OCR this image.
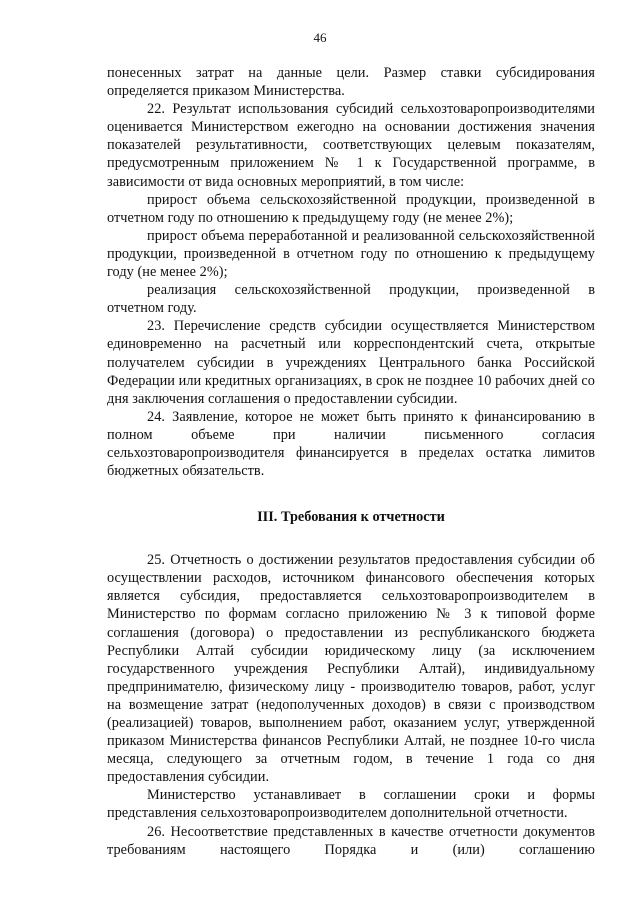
46

понесенных затрат на данные цели. Размер ставки субсидирования определяется приказом Министерства.

22. Результат использования субсидий сельхозтоваропроизводителями оценивается Министерством ежегодно на основании достижения значения показателей результативности, соответствующих целевым показателям, предусмотренным приложением № 1 к Государственной программе, в зависимости от вида основных мероприятий, в том числе:

прирост объема сельскохозяйственной продукции, произведенной в отчетном году по отношению к предыдущему году (не менее 2%);

прирост объема переработанной и реализованной сельскохозяйственной продукции, произведенной в отчетном году по отношению к предыдущему году (не менее 2%);

реализация сельскохозяйственной продукции, произведенной в отчетном году.

23. Перечисление средств субсидии осуществляется Министерством единовременно на расчетный или корреспондентский счета, открытые получателем субсидии в учреждениях Центрального банка Российской Федерации или кредитных организациях, в срок не позднее 10 рабочих дней со дня заключения соглашения о предоставлении субсидии.

24. Заявление, которое не может быть принято к финансированию в полном объеме при наличии письменного согласия сельхозтоваропроизводителя финансируется в пределах остатка лимитов бюджетных обязательств.

III. Требования к отчетности

25. Отчетность о достижении результатов предоставления субсидии об осуществлении расходов, источником финансового обеспечения которых является субсидия, предоставляется сельхозтоваропроизводителем в Министерство по формам согласно приложению № 3 к типовой форме соглашения (договора) о предоставлении из республиканского бюджета Республики Алтай субсидии юридическому лицу (за исключением государственного учреждения Республики Алтай), индивидуальному предпринимателю, физическому лицу - производителю товаров, работ, услуг на возмещение затрат (недополученных доходов) в связи с производством (реализацией) товаров, выполнением работ, оказанием услуг, утвержденной приказом Министерства финансов Республики Алтай, не позднее 10-го числа месяца, следующего за отчетным годом, в течение 1 года со дня предоставления субсидии.

Министерство устанавливает в соглашении сроки и формы представления сельхозтоваропроизводителем дополнительной отчетности.

26. Несоответствие представленных в качестве отчетности документов требованиям настоящего Порядка и (или) соглашению
